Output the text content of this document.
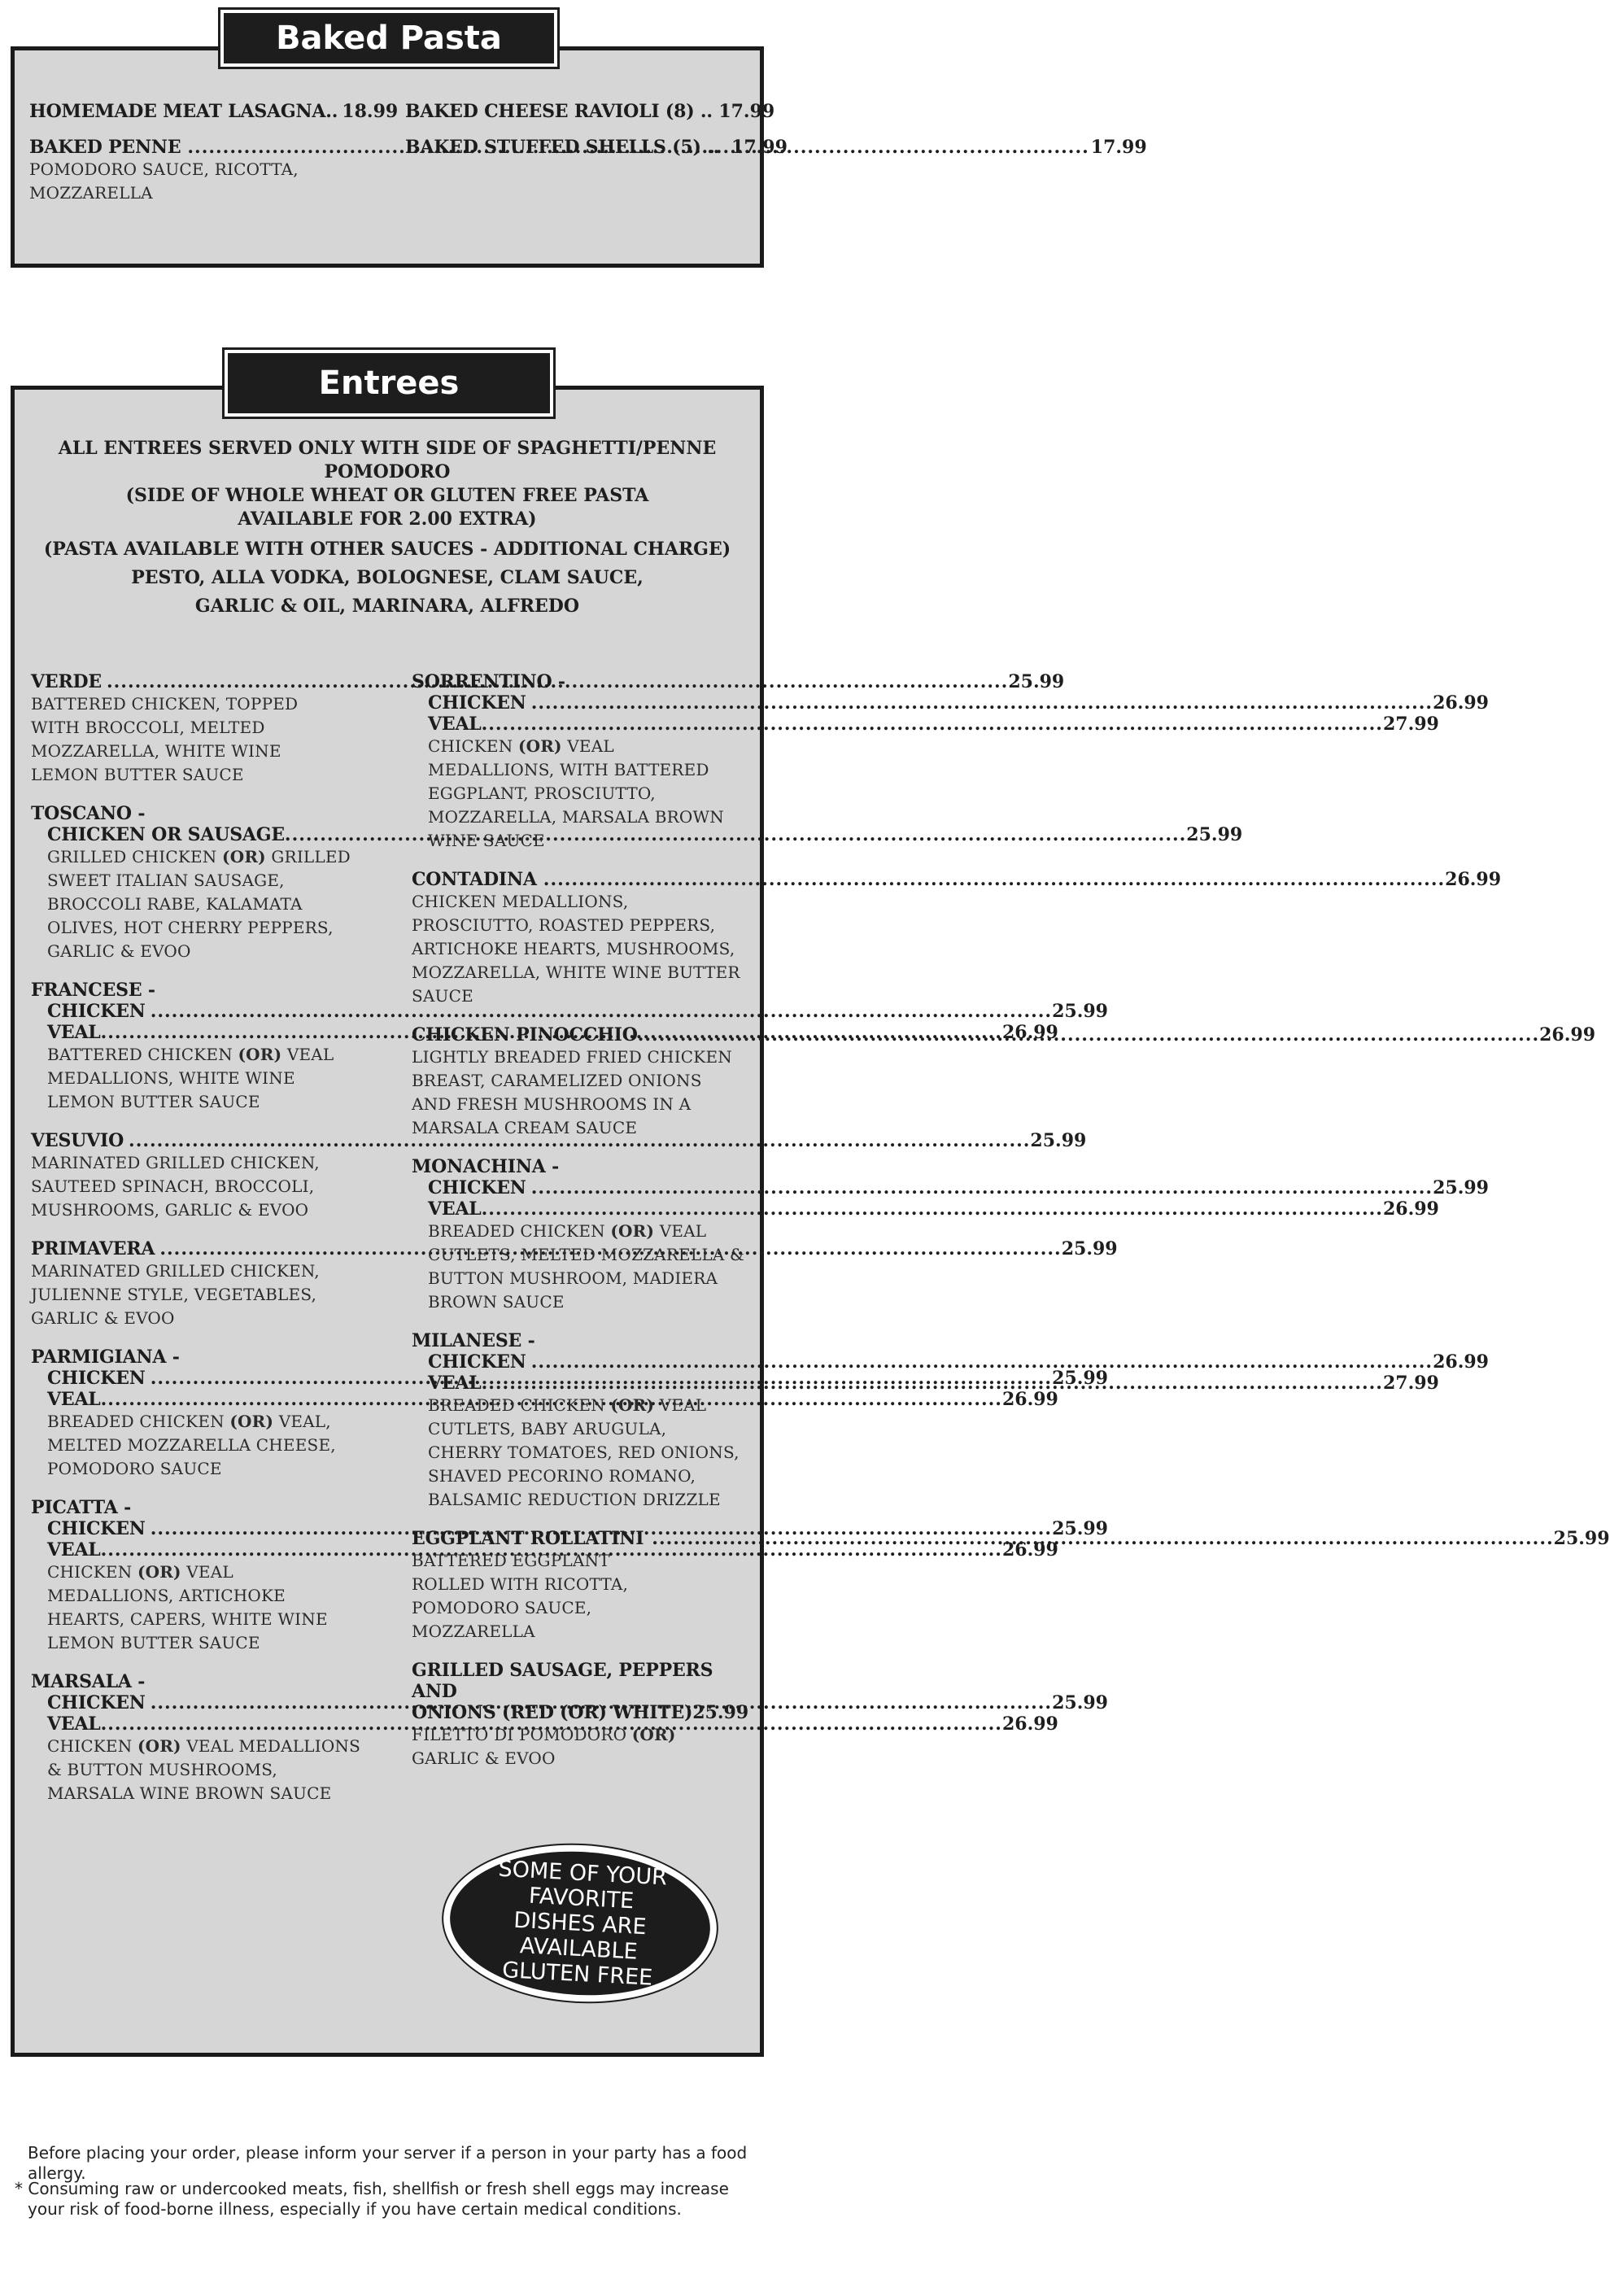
HOMEMADE MEAT LASAGNA ..
18.99
BAKED PENNE .....	17.99
POMODORO SAUCE, RICOTTA, MOZZARELLA
BAKED CHEESE RAVIOLI (8) .. 17.99
BAKED STUFFED SHELLS (5) .. 17.99
Baked Pasta
ALL ENTREES SERVED ONLY WITH SIDE OF SPAGHETTI/PENNE POMODORO
(SIDE OF WHOLE WHEAT OR GLUTEN FREE PASTA
AVAILABLE FOR 2.00 EXTRA)
(PASTA AVAILABLE WITH OTHER SAUCES - ADDITIONAL CHARGE)
PESTO, ALLA VODKA, BOLOGNESE, CLAM SAUCE,
GARLIC & OIL, MARINARA, ALFREDO
VERDE .....	25.99
BATTERED CHICKEN, TOPPED WITH BROCCOLI, MELTED MOZZARELLA, WHITE WINE LEMON BUTTER SAUCE
TOSCANO -
CHICKEN OR SAUSAGE .....	25.99
GRILLED CHICKEN (OR) GRILLED SWEET ITALIAN SAUSAGE, BROCCOLI RABE, KALAMATA OLIVES, HOT CHERRY PEPPERS, GARLIC & EVOO
FRANCESE -
CHICKEN .....	25.99
VEAL .....	26.99
BATTERED CHICKEN (OR) VEAL MEDALLIONS, WHITE WINE LEMON BUTTER SAUCE
VESUVIO .....	25.99
MARINATED GRILLED CHICKEN, SAUTEED SPINACH, BROCCOLI, MUSHROOMS, GARLIC & EVOO
PRIMAVERA .....	25.99
MARINATED GRILLED CHICKEN, JULIENNE STYLE, VEGETABLES, GARLIC & EVOO
PARMIGIANA -
CHICKEN .....	25.99
VEAL .....	26.99
BREADED CHICKEN (OR) VEAL, MELTED MOZZARELLA CHEESE, POMODORO SAUCE
PICATTA -
CHICKEN .....	25.99
VEAL .....	26.99
CHICKEN (OR) VEAL MEDALLIONS, ARTICHOKE HEARTS, CAPERS, WHITE WINE LEMON BUTTER SAUCE
MARSALA -
CHICKEN .....	25.99
VEAL .....	26.99
CHICKEN (OR) VEAL MEDALLIONS & BUTTON MUSHROOMS, MARSALA WINE BROWN SAUCE
SORRENTINO -
CHICKEN .....	26.99
VEAL .....	27.99
CHICKEN (OR) VEAL MEDALLIONS, WITH BATTERED EGGPLANT, PROSCIUTTO, MOZZARELLA, MARSALA BROWN WINE SAUCE
CONTADINA .....	26.99
CHICKEN MEDALLIONS, PROSCIUTTO, ROASTED PEPPERS, ARTICHOKE HEARTS, MUSHROOMS, MOZZARELLA, WHITE WINE BUTTER SAUCE
CHICKEN PINOCCHIO .....	26.99
LIGHTLY BREADED FRIED CHICKEN BREAST, CARAMELIZED ONIONS AND FRESH MUSHROOMS IN A MARSALA CREAM SAUCE
MONACHINA -
CHICKEN .....	25.99
VEAL .....	26.99
BREADED CHICKEN (OR) VEAL CUTLETS, MELTED MOZZARELLA & BUTTON MUSHROOM, MADIERA BROWN SAUCE
MILANESE -
CHICKEN .....	26.99
VEAL .....	27.99
BREADED CHICKEN (OR) VEAL CUTLETS, BABY ARUGULA, CHERRY TOMATOES, RED ONIONS, SHAVED PECORINO ROMANO, BALSAMIC REDUCTION DRIZZLE
EGGPLANT ROLLATINI .....	25.99
BATTERED EGGPLANT ROLLED WITH RICOTTA, POMODORO SAUCE, MOZZARELLA
GRILLED SAUSAGE, PEPPERS AND
ONIONS (RED (OR) WHITE) 25.99
FILETTO DI POMODORO (OR) GARLIC & EVOO
Entrees
SOME OF YOUR FAVORITE DISHES ARE AVAILABLE GLUTEN FREE
Before placing your order, please inform your server if a person in your party has a food allergy.
* Consuming raw or undercooked meats, fish, shellfish or fresh shell eggs may increase your risk of food-borne illness, especially if you have certain medical conditions.
